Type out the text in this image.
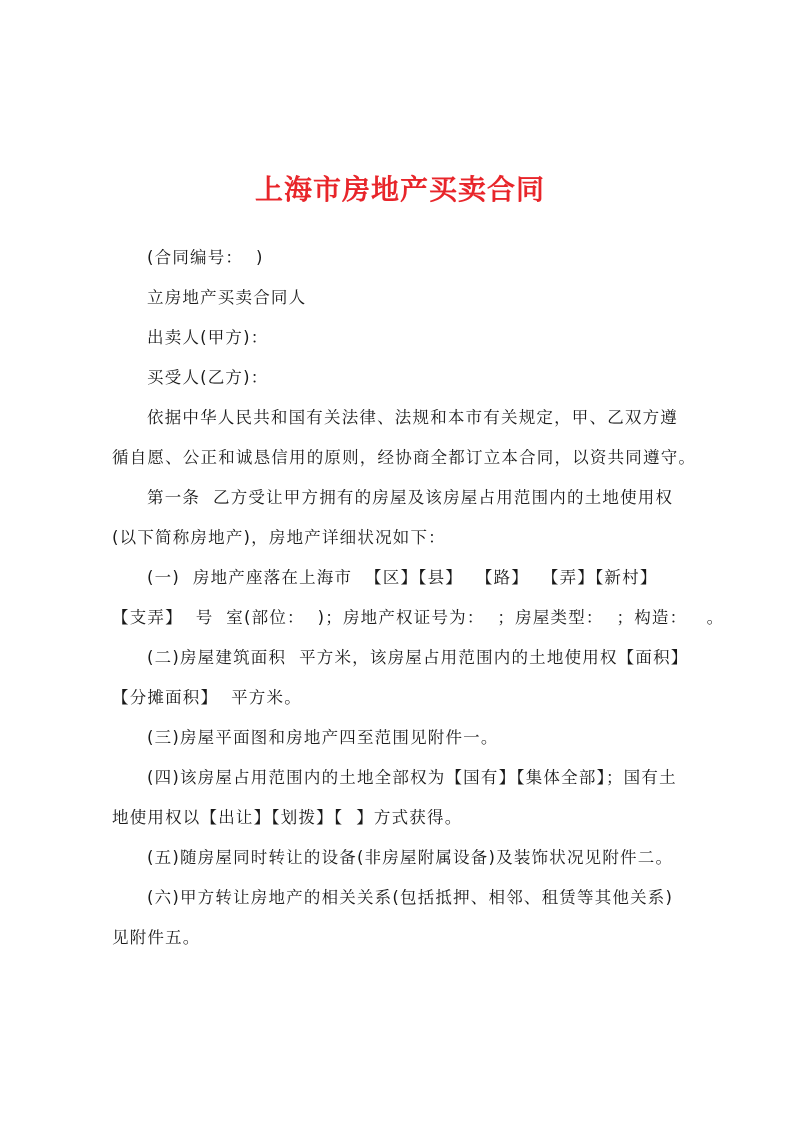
上海市房地产买卖合同
(合同编号：  )
立房地产买卖合同人
出卖人(甲方)：
买受人(乙方)：
依据中华人民共和国有关法律、法规和本市有关规定，甲、乙双方遵
循自愿、公正和诚恳信用的原则，经协商全都订立本合同，以资共同遵守。
第一条  乙方受让甲方拥有的房屋及该房屋占用范围内的土地使用权
(以下简称房地产)，房地产详细状况如下：
(一)  房地产座落在上海市  【区】【县】  【路】  【弄】【新村】
【支弄】  号  室(部位：  )；房地产权证号为：  ；房屋类型：  ；构造：   。
(二)房屋建筑面积  平方米，该房屋占用范围内的土地使用权【面积】
【分摊面积】  平方米。
(三)房屋平面图和房地产四至范围见附件一。
(四)该房屋占用范围内的土地全部权为【国有】【集体全部】；国有土
地使用权以【出让】【划拨】【  】方式获得。
(五)随房屋同时转让的设备(非房屋附属设备)及装饰状况见附件二。
(六)甲方转让房地产的相关关系(包括抵押、相邻、租赁等其他关系)
见附件五。
